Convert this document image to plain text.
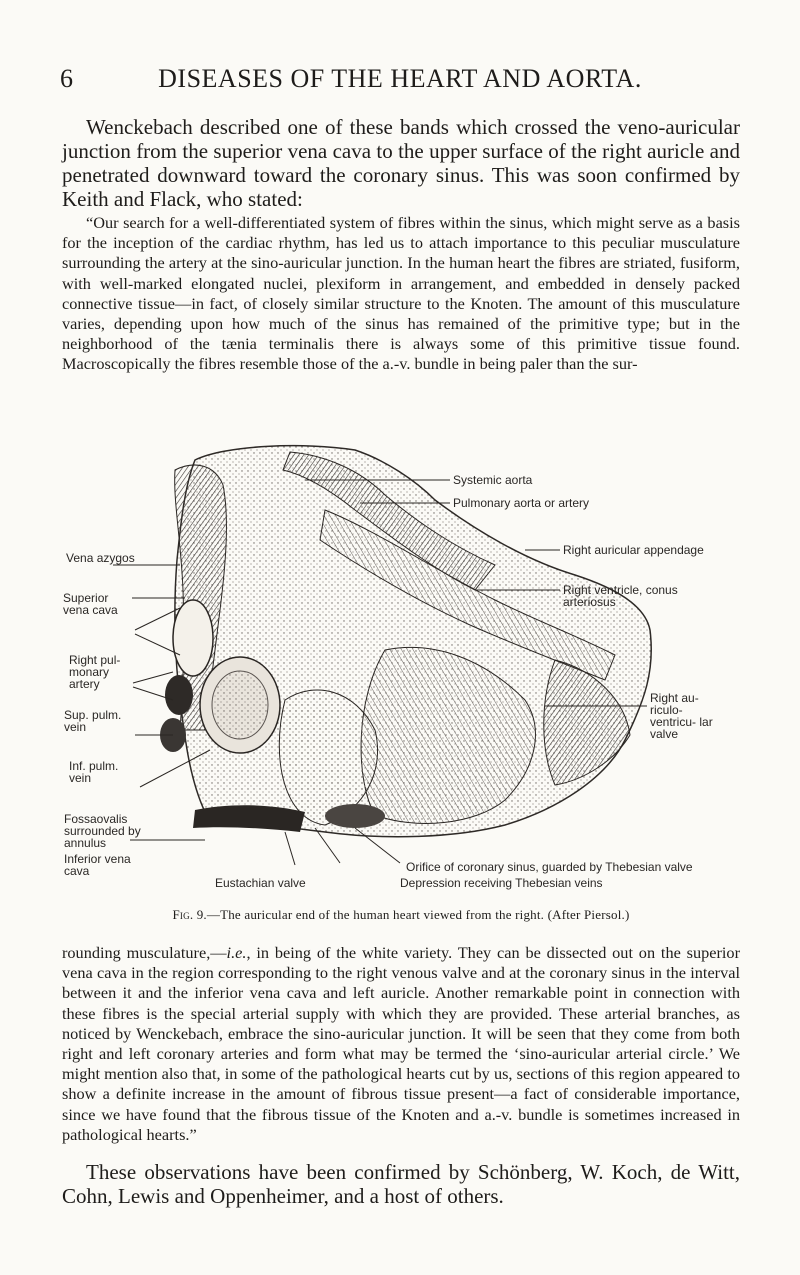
6	DISEASES OF THE HEART AND AORTA.

Wenckebach described one of these bands which crossed the veno-auricular junction from the superior vena cava to the upper surface of the right auricle and penetrated downward toward the coronary sinus. This was soon confirmed by Keith and Flack, who stated:

“Our search for a well-differentiated system of fibres within the sinus, which might serve as a basis for the inception of the cardiac rhythm, has led us to attach importance to this peculiar musculature surrounding the artery at the sino-auricular junction. In the human heart the fibres are striated, fusiform, with well-marked elongated nuclei, plexiform in arrangement, and embedded in densely packed connective tissue—in fact, of closely similar structure to the Knoten. The amount of this musculature varies, depending upon how much of the sinus has remained of the primitive type; but in the neighborhood of the tænia terminalis there is always some of this primitive tissue found. Macroscopically the fibres resemble those of the a.-v. bundle in being paler than the sur-

Vena azygos
Superior vena cava
Right pul- monary artery
Sup. pulm. vein
Inf. pulm. vein
Fossaovalis surrounded by annulus
Inferior vena cava
Systemic aorta
Pulmonary aorta or artery
Right auricular appendage
Right ventricle, conus arteriosus
Right au- riculo- ventricu- lar valve
Orifice of coronary sinus, guarded by Thebesian valve
Eustachian valve	Depression receiving Thebesian veins

Fig. 9.—The auricular end of the human heart viewed from the right. (After Piersol.)

rounding musculature,—i.e., in being of the white variety. They can be dissected out on the superior vena cava in the region corresponding to the right venous valve and at the coronary sinus in the interval between it and the inferior vena cava and left auricle. Another remarkable point in connection with these fibres is the special arterial supply with which they are provided. These arterial branches, as noticed by Wenckebach, embrace the sino-auricular junction. It will be seen that they come from both right and left coronary arteries and form what may be termed the ‘sino-auricular arterial circle.’ We might mention also that, in some of the pathological hearts cut by us, sections of this region appeared to show a definite increase in the amount of fibrous tissue present—a fact of considerable importance, since we have found that the fibrous tissue of the Knoten and a.-v. bundle is sometimes increased in pathological hearts.”

These observations have been confirmed by Schönberg, W. Koch, de Witt, Cohn, Lewis and Oppenheimer, and a host of others.
